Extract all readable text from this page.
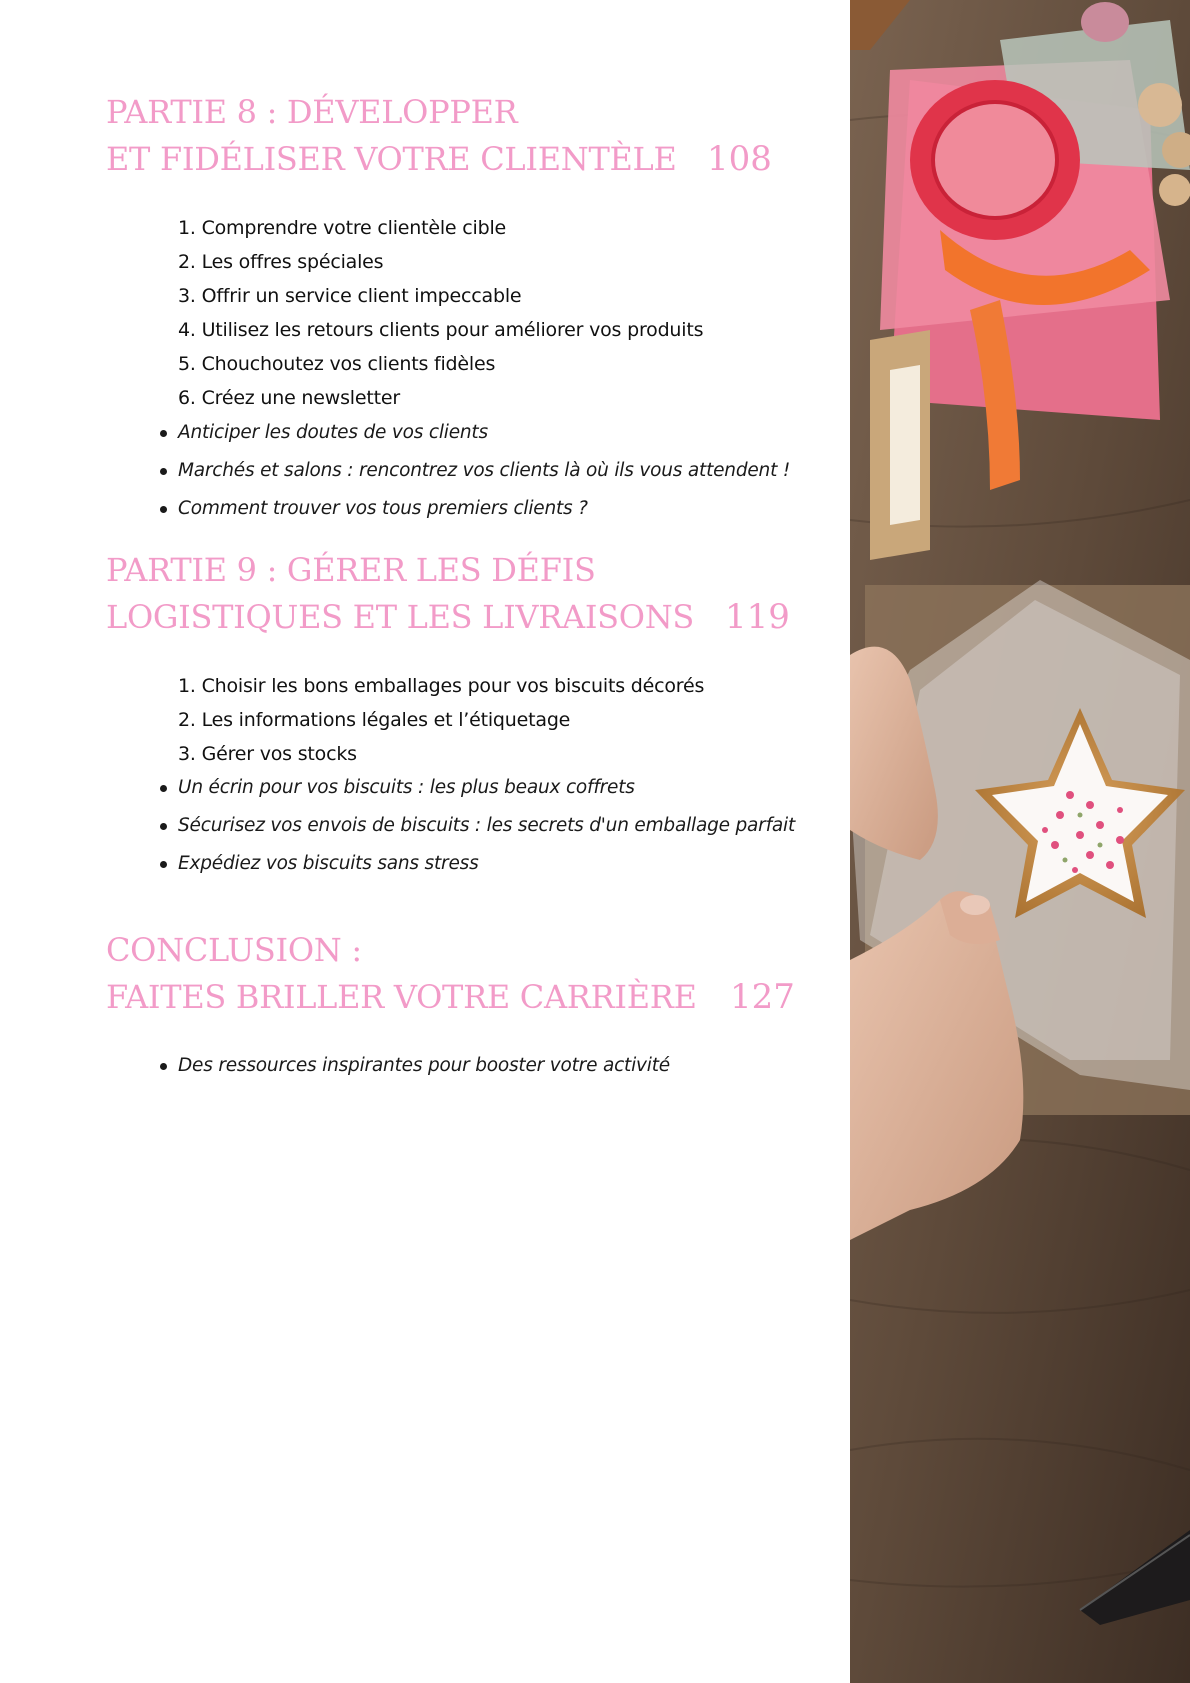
PARTIE 8 : DÉVELOPPER
ET FIDÉLISER VOTRE CLIENTÈLE 108
1. Comprendre votre clientèle cible
2. Les offres spéciales
3. Offrir un service client impeccable
4. Utilisez les retours clients pour améliorer vos produits
5. Chouchoutez vos clients fidèles
6. Créez une newsletter
Anticiper les doutes de vos clients
Marchés et salons : rencontrez vos clients là où ils vous attendent !
Comment trouver vos tous premiers clients ?
PARTIE 9 : GÉRER LES DÉFIS
LOGISTIQUES ET LES LIVRAISONS 119
1. Choisir les bons emballages pour vos biscuits décorés
2. Les informations légales et l’étiquetage
3. Gérer vos stocks
Un écrin pour vos biscuits : les plus beaux coffrets
Sécurisez vos envois de biscuits : les secrets d'un emballage parfait
Expédiez vos biscuits sans stress
CONCLUSION :
FAITES BRILLER VOTRE CARRIÈRE 127
Des ressources inspirantes pour booster votre activité
